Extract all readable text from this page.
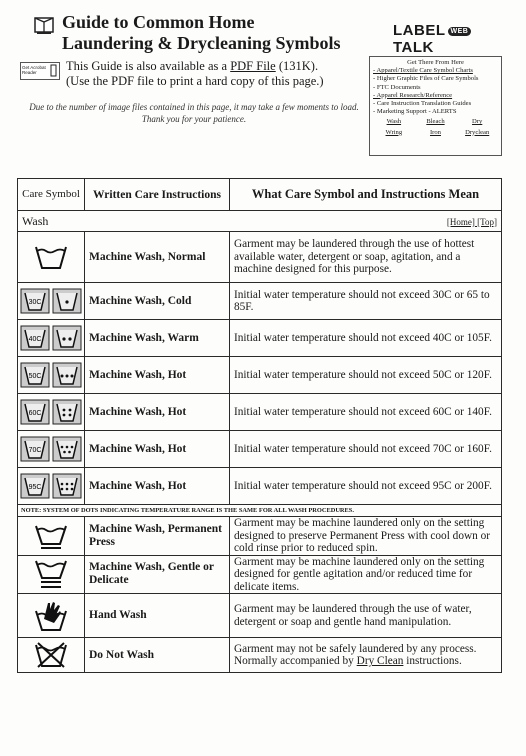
Guide to Common Home
Laundering & Drycleaning Symbols
Get Acrobat Reader	This Guide is also available as a PDF File (131K).
(Use the PDF file to print a hard copy of this page.)
Due to the number of image files contained in this page, it may take a few moments to load. Thank you for your patience.
LABEL WEBTALK
Get There From Here
- Apparel/Textile Care Symbol Charts
- Higher Graphic Files of Care Symbols
- FTC Documents
- Apparel Research/Reference
- Care Instruction Translation Guides
- Marketing Support - ALERTS
Wash	Bleach	Dry
Wring	Iron	Dryclean
Care Symbol	Written Care Instructions	What Care Symbol and Instructions Mean
Wash [Home] [Top]		

	Machine Wash, Normal	Garment may be laundered through the use of hottest available water, detergent or soap, agitation, and a machine designed for this purpose.

30C	Machine Wash, Cold	Initial water temperature should not exceed 30C or 65 to 85F.

40C	Machine Wash, Warm	Initial water temperature should not exceed 40C or 105F.

50C	Machine Wash, Hot	Initial water temperature should not exceed 50C or 120F.

60C	Machine Wash, Hot	Initial water temperature should not exceed 60C or 140F.

70C	Machine Wash, Hot	Initial water temperature should not exceed 70C or 160F.

95C	Machine Wash, Hot	Initial water temperature should not exceed 95C or 200F.
NOTE: SYSTEM OF DOTS INDICATING TEMPERATURE RANGE IS THE SAME FOR ALL WASH PROCEDURES.		
	Machine Wash, Permanent Press	Garment may be machine laundered only on the setting designed to preserve Permanent Press with cool down or cold rinse prior to reduced spin.
	Machine Wash, Gentle or Delicate	Garment may be machine laundered only on the setting designed for gentle agitation and/or reduced time for delicate items.
	Hand Wash	Garment may be laundered through the use of water, detergent or soap and gentle hand manipulation.
	Do Not Wash	Garment may not be safely laundered by any process. Normally accompanied by Dry Clean instructions.
